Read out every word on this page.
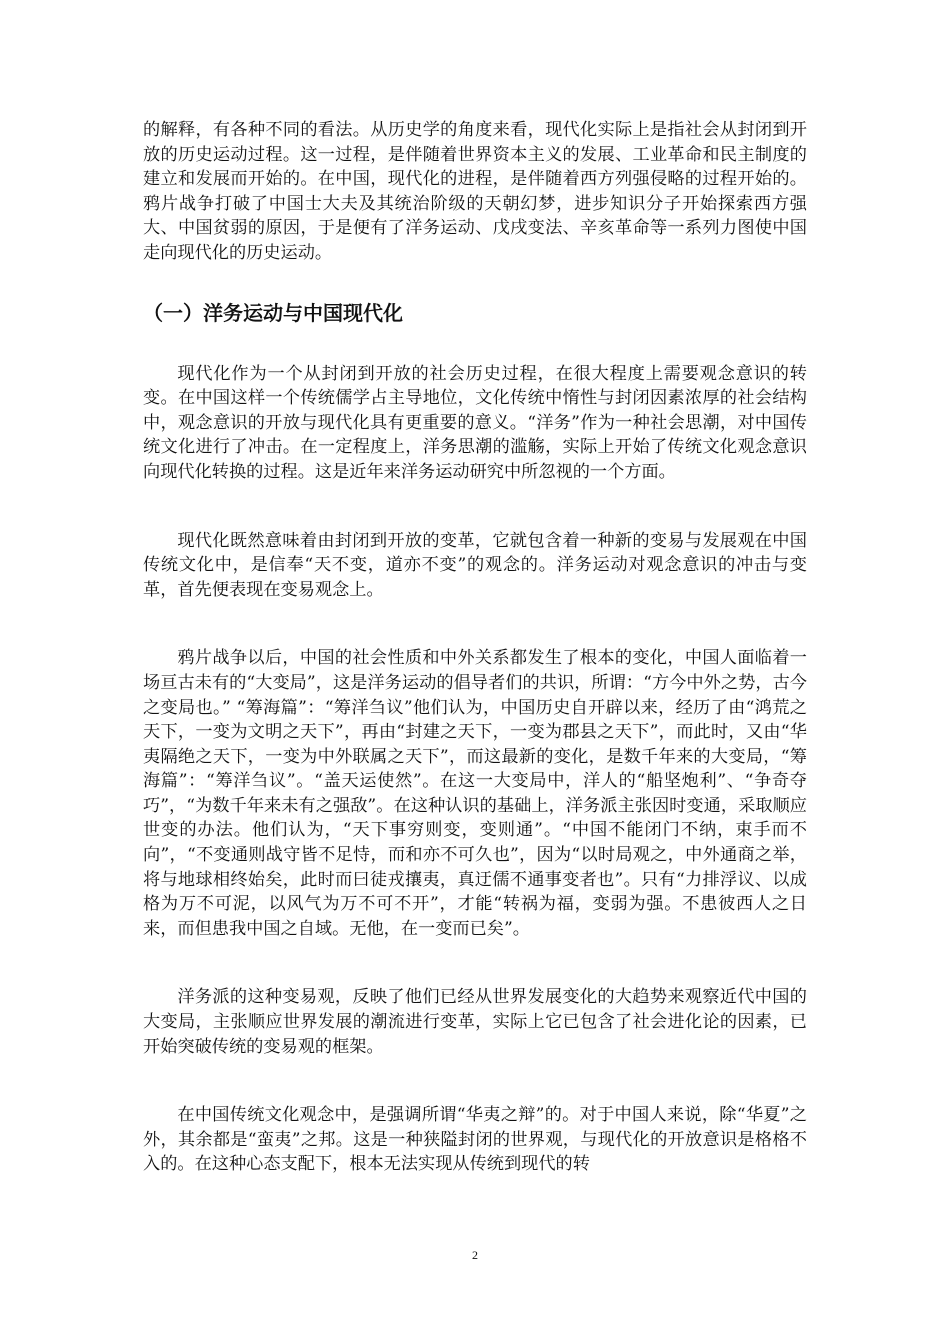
的解释，有各种不同的看法。从历史学的角度来看，现代化实际上是指社会从封闭到开放的历史运动过程。这一过程，是伴随着世界资本主义的发展、工业革命和民主制度的建立和发展而开始的。在中国，现代化的进程，是伴随着西方列强侵略的过程开始的。鸦片战争打破了中国士大夫及其统治阶级的天朝幻梦，进步知识分子开始探索西方强大、中国贫弱的原因，于是便有了洋务运动、戊戌变法、辛亥革命等一系列力图使中国走向现代化的历史运动。

（一）洋务运动与中国现代化

现代化作为一个从封闭到开放的社会历史过程，在很大程度上需要观念意识的转变。在中国这样一个传统儒学占主导地位，文化传统中惰性与封闭因素浓厚的社会结构中，观念意识的开放与现代化具有更重要的意义。“洋务”作为一种社会思潮，对中国传统文化进行了冲击。在一定程度上，洋务思潮的滥觞，实际上开始了传统文化观念意识向现代化转换的过程。这是近年来洋务运动研究中所忽视的一个方面。

现代化既然意味着由封闭到开放的变革，它就包含着一种新的变易与发展观在中国传统文化中，是信奉“天不变，道亦不变”的观念的。洋务运动对观念意识的冲击与变革，首先便表现在变易观念上。

鸦片战争以后，中国的社会性质和中外关系都发生了根本的变化，中国人面临着一场亘古未有的“大变局”，这是洋务运动的倡导者们的共识，所谓：“方今中外之势，古今之变局也。” “筹海篇”：“筹洋刍议”他们认为，中国历史自开辟以来，经历了由“鸿荒之天下，一变为文明之天下”，再由“封建之天下，一变为郡县之天下”，而此时，又由“华夷隔绝之天下，一变为中外联属之天下”，而这最新的变化，是数千年来的大变局，“筹海篇”：“筹洋刍议”。“盖天运使然”。在这一大变局中，洋人的“船坚炮利”、“争奇夺巧”，“为数千年来未有之强敌”。在这种认识的基础上，洋务派主张因时变通，采取顺应世变的办法。他们认为，“天下事穷则变，变则通”。“中国不能闭门不纳，束手而不向”，“不变通则战守皆不足恃，而和亦不可久也”，因为“以时局观之，中外通商之举，将与地球相终始矣，此时而曰徒戎攘夷，真迂儒不通事变者也”。只有“力排浮议、以成格为万不可泥，以风气为万不可不开”，才能“转祸为福，变弱为强。不患彼西人之日来，而但患我中国之自域。无他，在一变而已矣”。

洋务派的这种变易观，反映了他们已经从世界发展变化的大趋势来观察近代中国的大变局，主张顺应世界发展的潮流进行变革，实际上它已包含了社会进化论的因素，已开始突破传统的变易观的框架。

在中国传统文化观念中，是强调所谓“华夷之辩”的。对于中国人来说，除“华夏”之外，其余都是“蛮夷”之邦。这是一种狭隘封闭的世界观，与现代化的开放意识是格格不入的。在这种心态支配下，根本无法实现从传统到现代的转

2
